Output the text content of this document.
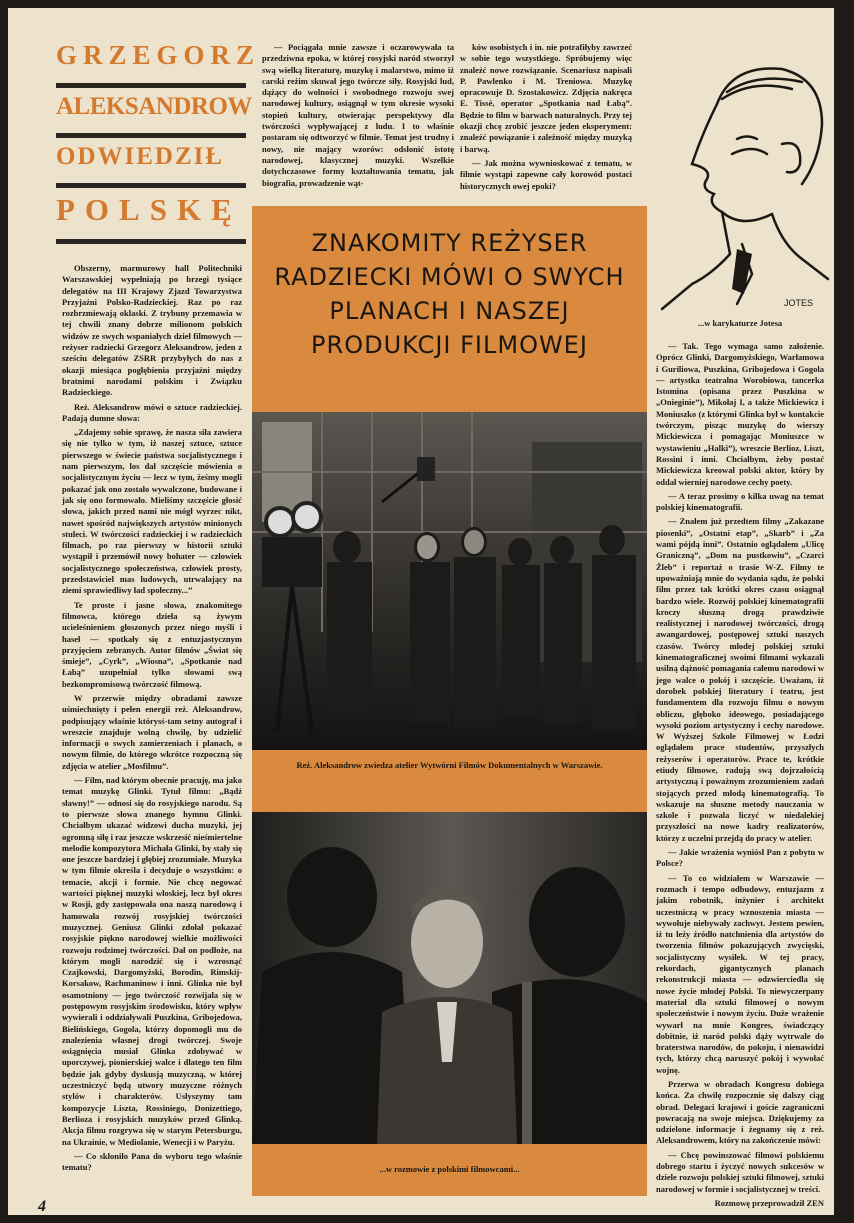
GRZEGORZ
ALEKSANDROW
ODWIEDZIŁ
POLSKĘ

Obszerny, marmurowy hall Politechniki Warszawskiej wypełniają po brzegi tysiące delegatów na III Krajowy Zjazd Towarzystwa Przyjaźni Polsko-Radzieckiej. Raz po raz rozbrzmiewają oklaski. Z trybuny przemawia w tej chwili znany dobrze milionom polskich widzów ze swych wspaniałych dzieł filmowych — reżyser radziecki Grzegorz Aleksandrow, jeden z sześciu delegatów ZSRR przybyłych do nas z okazji miesiąca pogłębienia przyjaźni między bratnimi narodami polskim i Związku Radzieckiego.

Reż. Aleksandrow mówi o sztuce radzieckiej. Padają dumne słowa:

„Zdajemy sobie sprawę, że nasza siła zawiera się nie tylko w tym, iż naszej sztuce, sztuce pierwszego w świecie państwa socjalistycznego i nam pierwszym, los dał szczęście mówienia o socjalistycznym życiu — lecz w tym, żeśmy mogli pokazać jak ono zostało wywalczone, budowane i jak się ono formowało. Mieliśmy szczęście głosić słowa, jakich przed nami nie mógł wyrzec nikt, nawet spośród największych artystów minionych stuleci. W twórczości radzieckiej i w radzieckich filmach, po raz pierwszy w historii sztuki wystąpił i przemówił nowy bohater — człowiek socjalistycznego społeczeństwa, człowiek prosty, przedstawiciel mas ludowych, utrwalający na ziemi sprawiedliwy ład społeczny...”

Te proste i jasne słowa, znakomitego filmowca, którego dzieła są żywym ucieleśnieniem głoszonych przez niego myśli i haseł — spotkały się z entuzjastycznym przyjęciem zebranych. Autor filmów „Świat się śmieje”, „Cyrk”, „Wiosna”, „Spotkanie nad Łabą” uzupełniał tylko słowami swą bezkompromisową twórczość filmową.

W przerwie między obradami zawsze uśmiechnięty i pełen energii reż. Aleksandrow, podpisujący właśnie którysś-tam setny autograf i wreszcie znajduje wolną chwilę, by udzielić informacji o swych zamierzeniach i planach, o nowym filmie, do którego wkrótce rozpoczną się zdjęcia w atelier „Mosfilmu”.

— Film, nad którym obecnie pracuję, ma jako temat muzykę Glinki. Tytuł filmu: „Bądź sławny!” — odnosi się do rosyjskiego narodu. Są to pierwsze słowa znanego hymnu Glinki. Chciałbym ukazać widzowi ducha muzyki, jej ogromną siłę i raz jeszcze wskrzesić nieśmiertelne melodie kompozytora Michała Glinki, by stały się one jeszcze bardziej i głębiej zrozumiałe. Muzyka w tym filmie określa i decyduje o wszystkim: o temacie, akcji i formie. Nie chcę negować wartości pięknej muzyki włoskiej, lecz był okres w Rosji, gdy zastępowała ona naszą narodową i hamowała rozwój rosyjskiej twórczości muzycznej. Geniusz Glinki zdołał pokazać rosyjskie piękno narodowej wielkie możliwości rozwoju rodzimej twórczości. Dał on podłoże, na którym mogli narodzić się i wzrosnąć Czajkowski, Dargomyżski, Borodin, Rimskij-Korsakow, Rachmaninow i inni. Glinka nie był osamotniony — jego twórczość rozwijała się w postępowym rosyjskim środowisku, który wpływ wywierali i oddziaływali Puszkina, Gribojedowa, Bielińskiego, Gogola, którzy dopomogli mu do znalezienia własnej drogi twórczej. Swoje osiągnięcia musiał Glinka zdobywać w uporczywej, pionierskiej walce i dlatego ten film będzie jak gdyby dyskusją muzyczną, w której uczestniczyć będą utwory muzyczne różnych stylów i charakterów. Usłyszymy tam kompozycje Liszta, Rossiniego, Donizettiego, Berlioza i rosyjskich muzyków przed Glinką. Akcja filmu rozgrywa się w starym Petersburgu, na Ukrainie, w Mediolanie, Wenecji i w Paryżu.

— Co skłoniło Pana do wyboru tego właśnie tematu?

— Pociągała mnie zawsze i oczarowywała ta przedziwna epoka, w której rosyjski naród stworzył swą wielką literaturę, muzykę i malarstwo, mimo iż carski reżim skuwał jego twórcze siły. Rosyjski lud, dążący do wolności i swobodnego rozwoju swej narodowej kultury, osiągnął w tym okresie wysoki stopień kultury, otwierając perspektywy dla twórczości wypływającej z ludu. I to właśnie postaram się odtworzyć w filmie. Temat jest trudny i nowy, nie mający wzorów: odsłonić istotę narodowej, klasycznej muzyki. Wszelkie dotychczasowe formy kształtowania tematu, jak biografia, prowadzenie wąt-

ków osobistych i in. nie potrafiłyby zawrzeć w sobie tego wszystkiego. Spróbujemy więc znaleźć nowe rozwiązanie. Scenariusz napisali P. Pawlenko i M. Treniowa. Muzykę opracowuje D. Szostakowicz. Zdjęcia nakręca E. Tissé, operator „Spotkania nad Łabą”. Będzie to film w barwach naturalnych. Przy tej okazji chcę zrobić jeszcze jeden eksperyment: znaleźć powiązanie i zależność między muzyką i barwą.

— Jak można wywnioskować z tematu, w filmie wystąpi zapewne cały korowód postaci historycznych owej epoki?

ZNAKOMITY REŻYSER
RADZIECKI MÓWI O SWYCH
PLANACH I NASZEJ
PRODUKCJI FILMOWEJ
Reż. Aleksandrow zwiedza atelier Wytwórni Filmów Dokumentalnych w Warszawie.
...w rozmowie z polskimi filmowcami...
JOTES
...w karykaturze Jotesa

— Tak. Tego wymaga samo założenie. Oprócz Glinki, Dargomyżskiego, Warłamowa i Guriliowa, Puszkina, Gribojedowa i Gogola — artystka teatralna Worobiowa, tancerka Istomina (opisana przez Puszkina w „Onieginie”), Mikołaj I, a także Mickiewicz i Moniuszko (z którymi Glinka był w kontakcie twórczym, pisząc muzykę do wierszy Mickiewicza i pomagając Moniuszce w wystawieniu „Halki”), wreszcie Berlioz, Liszt, Rossini i inni. Chciałbym, żeby postać Mickiewicza kreował polski aktor, który by oddał wierniej narodowe cechy poety.

— A teraz prosimy o kilka uwag na temat polskiej kinematografii.

— Znałem już przedtem filmy „Zakazane piosenki”, „Ostatni etap”, „Skarb” i „Za wami pójdą inni”. Ostatnio oglądałem „Ulicę Graniczną”, „Dom na pustkowiu”, „Czarci Żleb” i reportaż o trasie W-Z. Filmy te upoważniają mnie do wydania sądu, że polski film przez tak krótki okres czasu osiągnął bardzo wiele. Rozwój polskiej kinematografii kroczy słuszną drogą prawdziwie realistycznej i narodowej twórczości, drogą awangardowej, postępowej sztuki naszych czasów. Twórcy młodej polskiej sztuki kinematograficznej swoimi filmami wykazali usilną dążność pomagania całemu narodowi w jego walce o pokój i szczęście. Uważam, iż dorobek polskiej literatury i teatru, jest fundamentem dla rozwoju filmu o nowym obliczu, głęboko ideowego, posiadającego wysoki poziom artystyczny i cechy narodowe. W Wyższej Szkole Filmowej w Łodzi oglądałem prace studentów, przyszłych reżyserów i operatorów. Prace te, krótkie etiudy filmowe, radują swą dojrzałością artystyczną i poważnym zrozumieniem zadań stojących przed młodą kinematografią. To wskazuje na słuszne metody nauczania w szkole i pozwala liczyć w niedalekiej przyszłości na nowe kadry realizatorów, którzy z uczelni przejdą do pracy w atelier.

— Jakie wrażenia wyniósł Pan z pobytu w Polsce?

— To co widziałem w Warszawie — rozmach i tempo odbudowy, entuzjazm z jakim robotnik, inżynier i architekt uczestniczą w pracy wznoszenia miasta — wywołuje niebywały zachwyt. Jestem pewien, iż tu leży źródło natchnienia dla artystów do tworzenia filmów pokazujących zwycięski, socjalistyczny wysiłek. W tej pracy, rekordach, gigantycznych planach rekonstrukcji miasta — odzwierciedla się nowe życie młodej Polski. To niewyczerpany materiał dla sztuki filmowej o nowym społeczeństwie i nowym życiu. Duże wrażenie wywarł na mnie Kongres, świadczący dobitnie, iż naród polski dąży wytrwale do braterstwa narodów, do pokoju, i nienawidzi tych, którzy chcą naruszyć pokój i wywołać wojnę.

Przerwa w obradach Kongresu dobiega końca. Za chwilę rozpocznie się dalszy ciąg obrad. Delegaci krajowi i goście zagraniczni powracają na swoje miejsca. Dziękujemy za udzielone informacje i żegnamy się z reż. Aleksandrowem, który na zakończenie mówi:

— Chcę powinszować filmowi polskiemu dobrego startu i życzyć nowych sukcesów w dziele rozwoju polskiej sztuki filmowej, sztuki narodowej w formie i socjalistycznej w treści.

Rozmowę przeprowadził ZEN

4
